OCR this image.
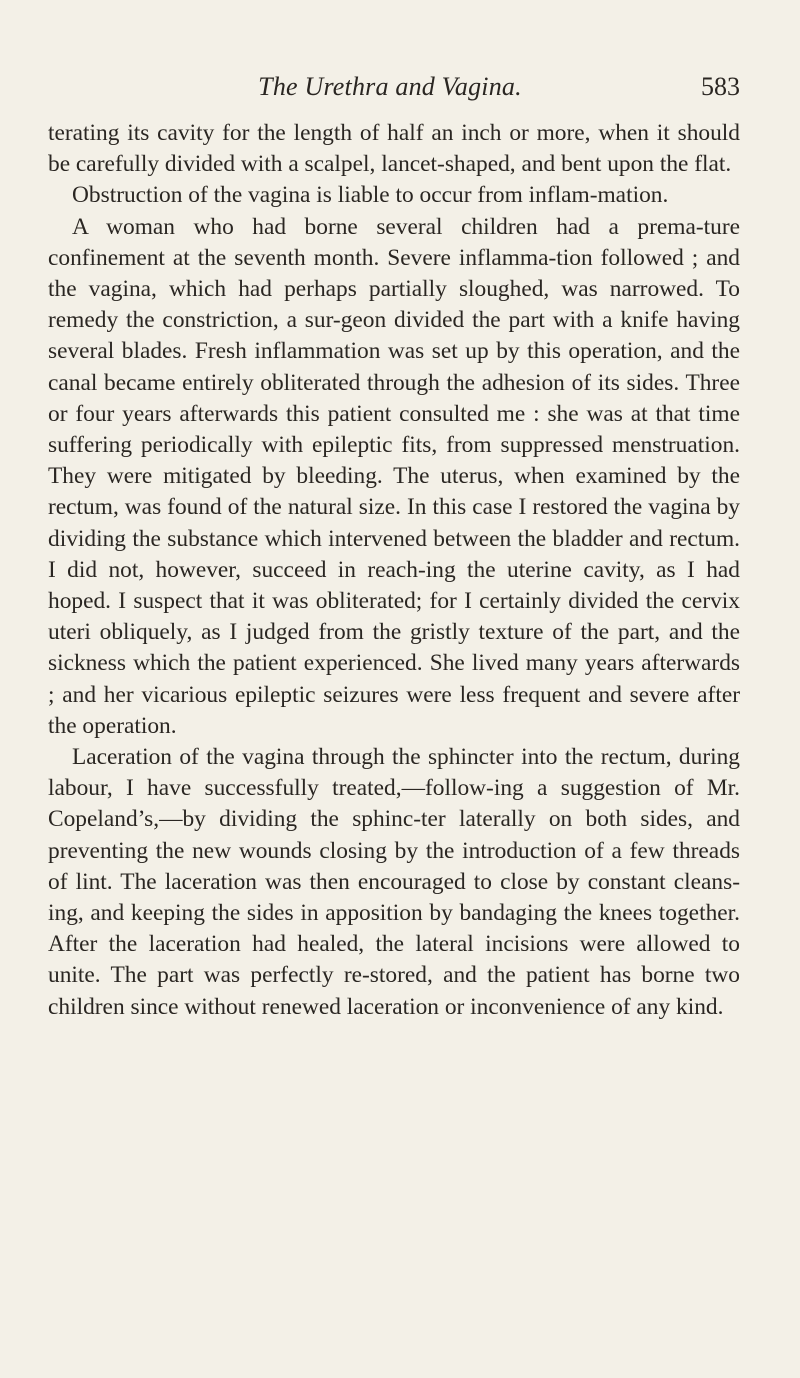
The Urethra and Vagina.	583

terating its cavity for the length of half an inch or more, when it should be carefully divided with a scalpel, lancet-shaped, and bent upon the flat.

Obstruction of the vagina is liable to occur from inflam-mation.

A woman who had borne several children had a prema-ture confinement at the seventh month. Severe inflamma-tion followed ; and the vagina, which had perhaps partially sloughed, was narrowed. To remedy the constriction, a sur-geon divided the part with a knife having several blades. Fresh inflammation was set up by this operation, and the canal became entirely obliterated through the adhesion of its sides. Three or four years afterwards this patient consulted me : she was at that time suffering periodically with epileptic fits, from suppressed menstruation. They were mitigated by bleeding. The uterus, when examined by the rectum, was found of the natural size. In this case I restored the vagina by dividing the substance which intervened between the bladder and rectum. I did not, however, succeed in reach-ing the uterine cavity, as I had hoped. I suspect that it was obliterated; for I certainly divided the cervix uteri obliquely, as I judged from the gristly texture of the part, and the sickness which the patient experienced. She lived many years afterwards ; and her vicarious epileptic seizures were less frequent and severe after the operation.

Laceration of the vagina through the sphincter into the rectum, during labour, I have successfully treated,—follow-ing a suggestion of Mr. Copeland’s,—by dividing the sphinc-ter laterally on both sides, and preventing the new wounds closing by the introduction of a few threads of lint. The laceration was then encouraged to close by constant cleans-ing, and keeping the sides in apposition by bandaging the knees together. After the laceration had healed, the lateral incisions were allowed to unite. The part was perfectly re-stored, and the patient has borne two children since without renewed laceration or inconvenience of any kind.
